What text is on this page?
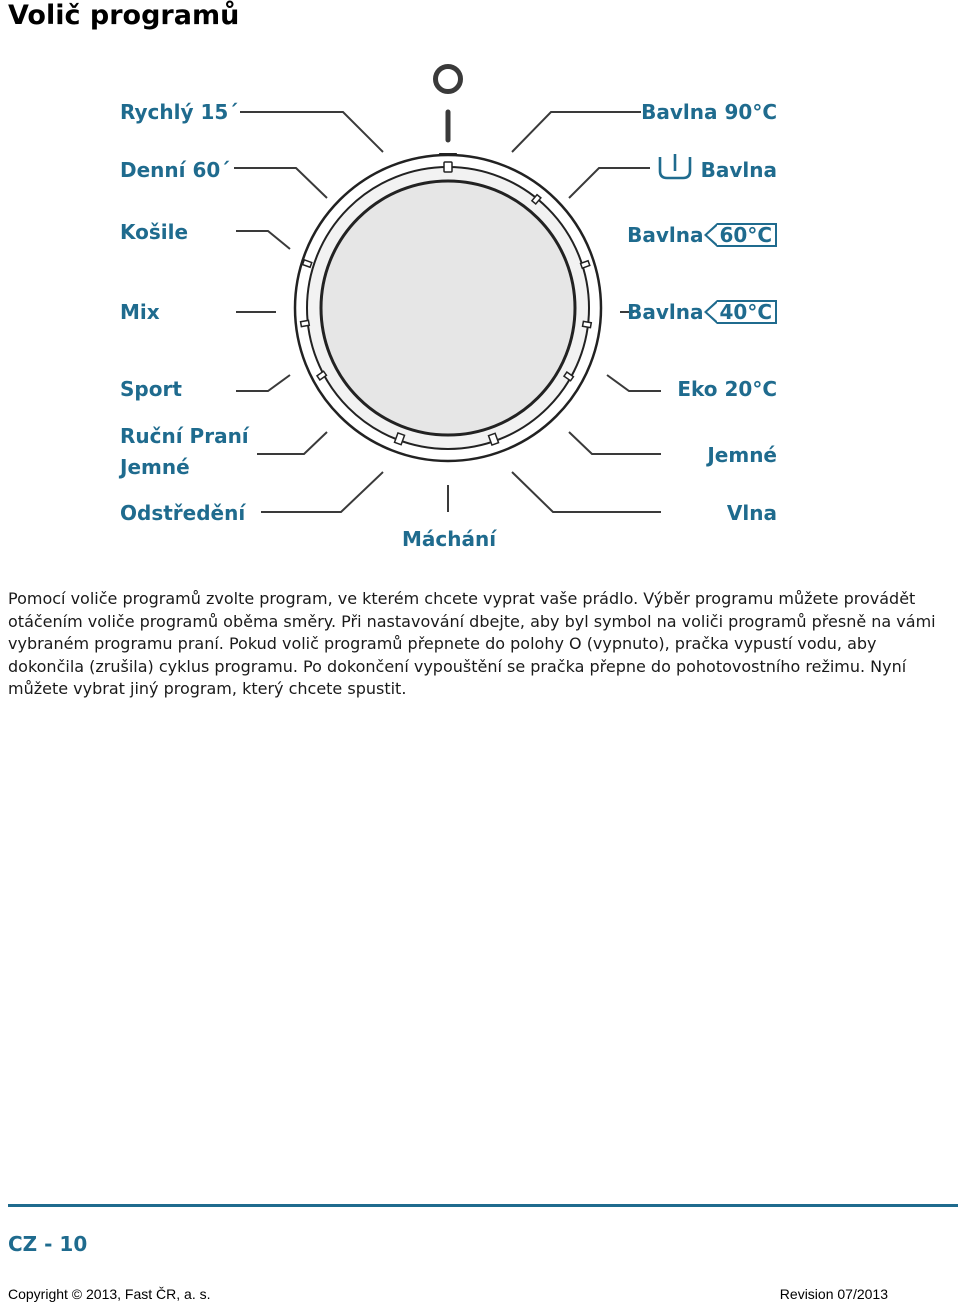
Volič programů
Rychlý 15´
Denní 60´
Košile
Mix
Sport
Ruční Praní
Jemné
Odstředění
Máchání
Bavlna 90°C
Bavlna
Bavlna 60°C
Bavlna 40°C
Eko 20°C
Jemné
Vlna

Pomocí voliče programů zvolte program, ve kterém chcete vyprat vaše prádlo. Výběr programu můžete provádět otáčením voliče programů oběma směry. Při nastavování dbejte, aby byl symbol na voliči programů přesně na vámi vybraném programu praní. Pokud volič programů přepnete do polohy O (vypnuto), pračka vypustí vodu, aby dokončila (zrušila) cyklus programu. Po dokončení vypouštění se pračka přepne do pohotovostního režimu. Nyní můžete vybrat jiný program, který chcete spustit.

CZ - 10
Copyright © 2013, Fast ČR, a. s.	Revision 07/2013
